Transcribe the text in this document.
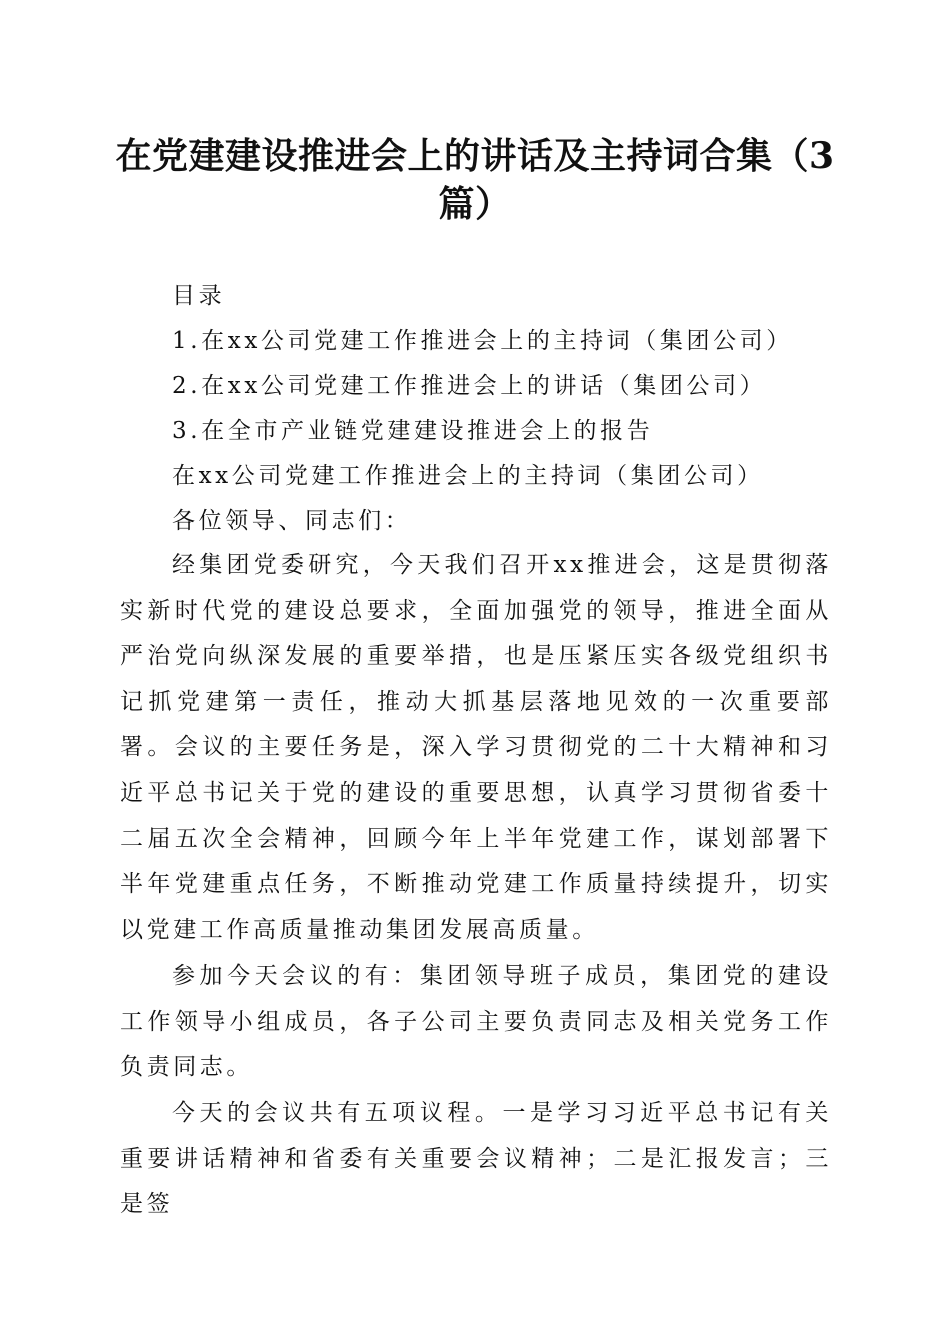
在党建建设推进会上的讲话及主持词合集（3篇）
目录
1.在xx公司党建工作推进会上的主持词（集团公司）
2.在xx公司党建工作推进会上的讲话（集团公司）
3.在全市产业链党建建设推进会上的报告
在xx公司党建工作推进会上的主持词（集团公司）
各位领导、同志们：
经集团党委研究，今天我们召开xx推进会，这是贯彻落实新时代党的建设总要求，全面加强党的领导，推进全面从严治党向纵深发展的重要举措，也是压紧压实各级党组织书记抓党建第一责任，推动大抓基层落地见效的一次重要部署。会议的主要任务是，深入学习贯彻党的二十大精神和习近平总书记关于党的建设的重要思想，认真学习贯彻省委十二届五次全会精神，回顾今年上半年党建工作，谋划部署下半年党建重点任务，不断推动党建工作质量持续提升，切实以党建工作高质量推动集团发展高质量。
参加今天会议的有：集团领导班子成员，集团党的建设工作领导小组成员，各子公司主要负责同志及相关党务工作负责同志。
今天的会议共有五项议程。一是学习习近平总书记有关重要讲话精神和省委有关重要会议精神；二是汇报发言；三是签
